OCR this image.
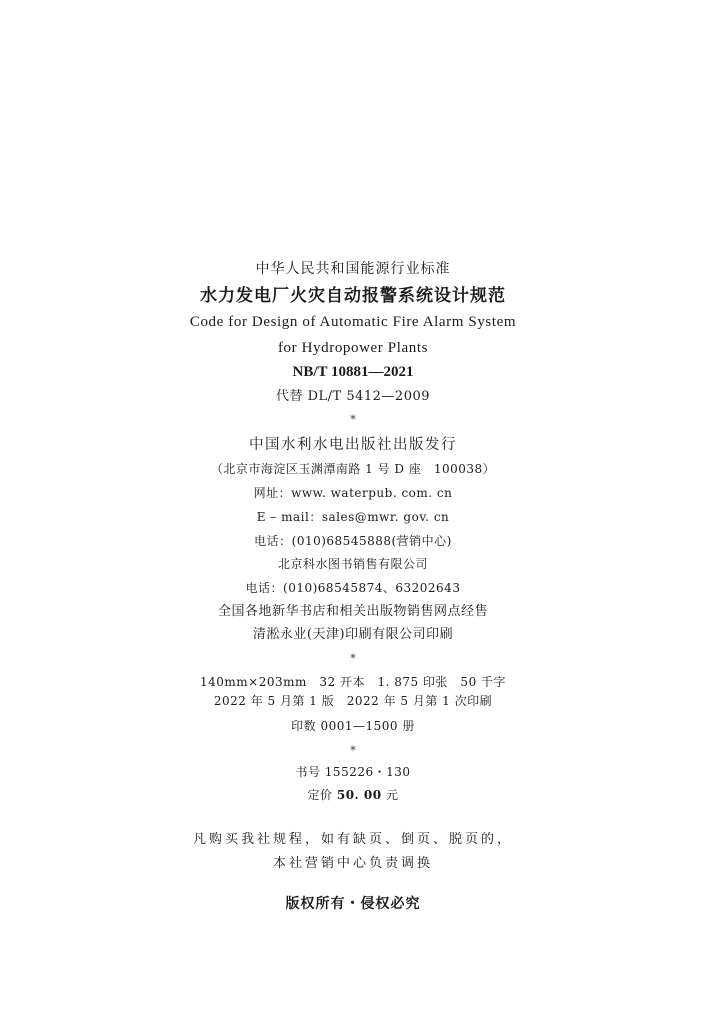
中华人民共和国能源行业标准
水力发电厂火灾自动报警系统设计规范
Code for Design of Automatic Fire Alarm System
for Hydropower Plants
NB/T 10881—2021
代替 DL/T 5412—2009
*
中国水利水电出版社出版发行
（北京市海淀区玉渊潭南路 1 号 D 座　100038）
网址：www. waterpub. com. cn
E – mail：sales@mwr. gov. cn
电话：(010)68545888(营销中心)
北京科水图书销售有限公司
电话：(010)68545874、63202643
全国各地新华书店和相关出版物销售网点经售
清淞永业(天津)印刷有限公司印刷
*
140mm×203mm　32 开本　1. 875 印张　50 千字
2022 年 5 月第 1 版　2022 年 5 月第 1 次印刷
印数 0001—1500 册
*
书号 155226・130
定价 50. 00 元
凡购买我社规程，如有缺页、倒页、脱页的，
本社营销中心负责调换
版权所有・侵权必究
